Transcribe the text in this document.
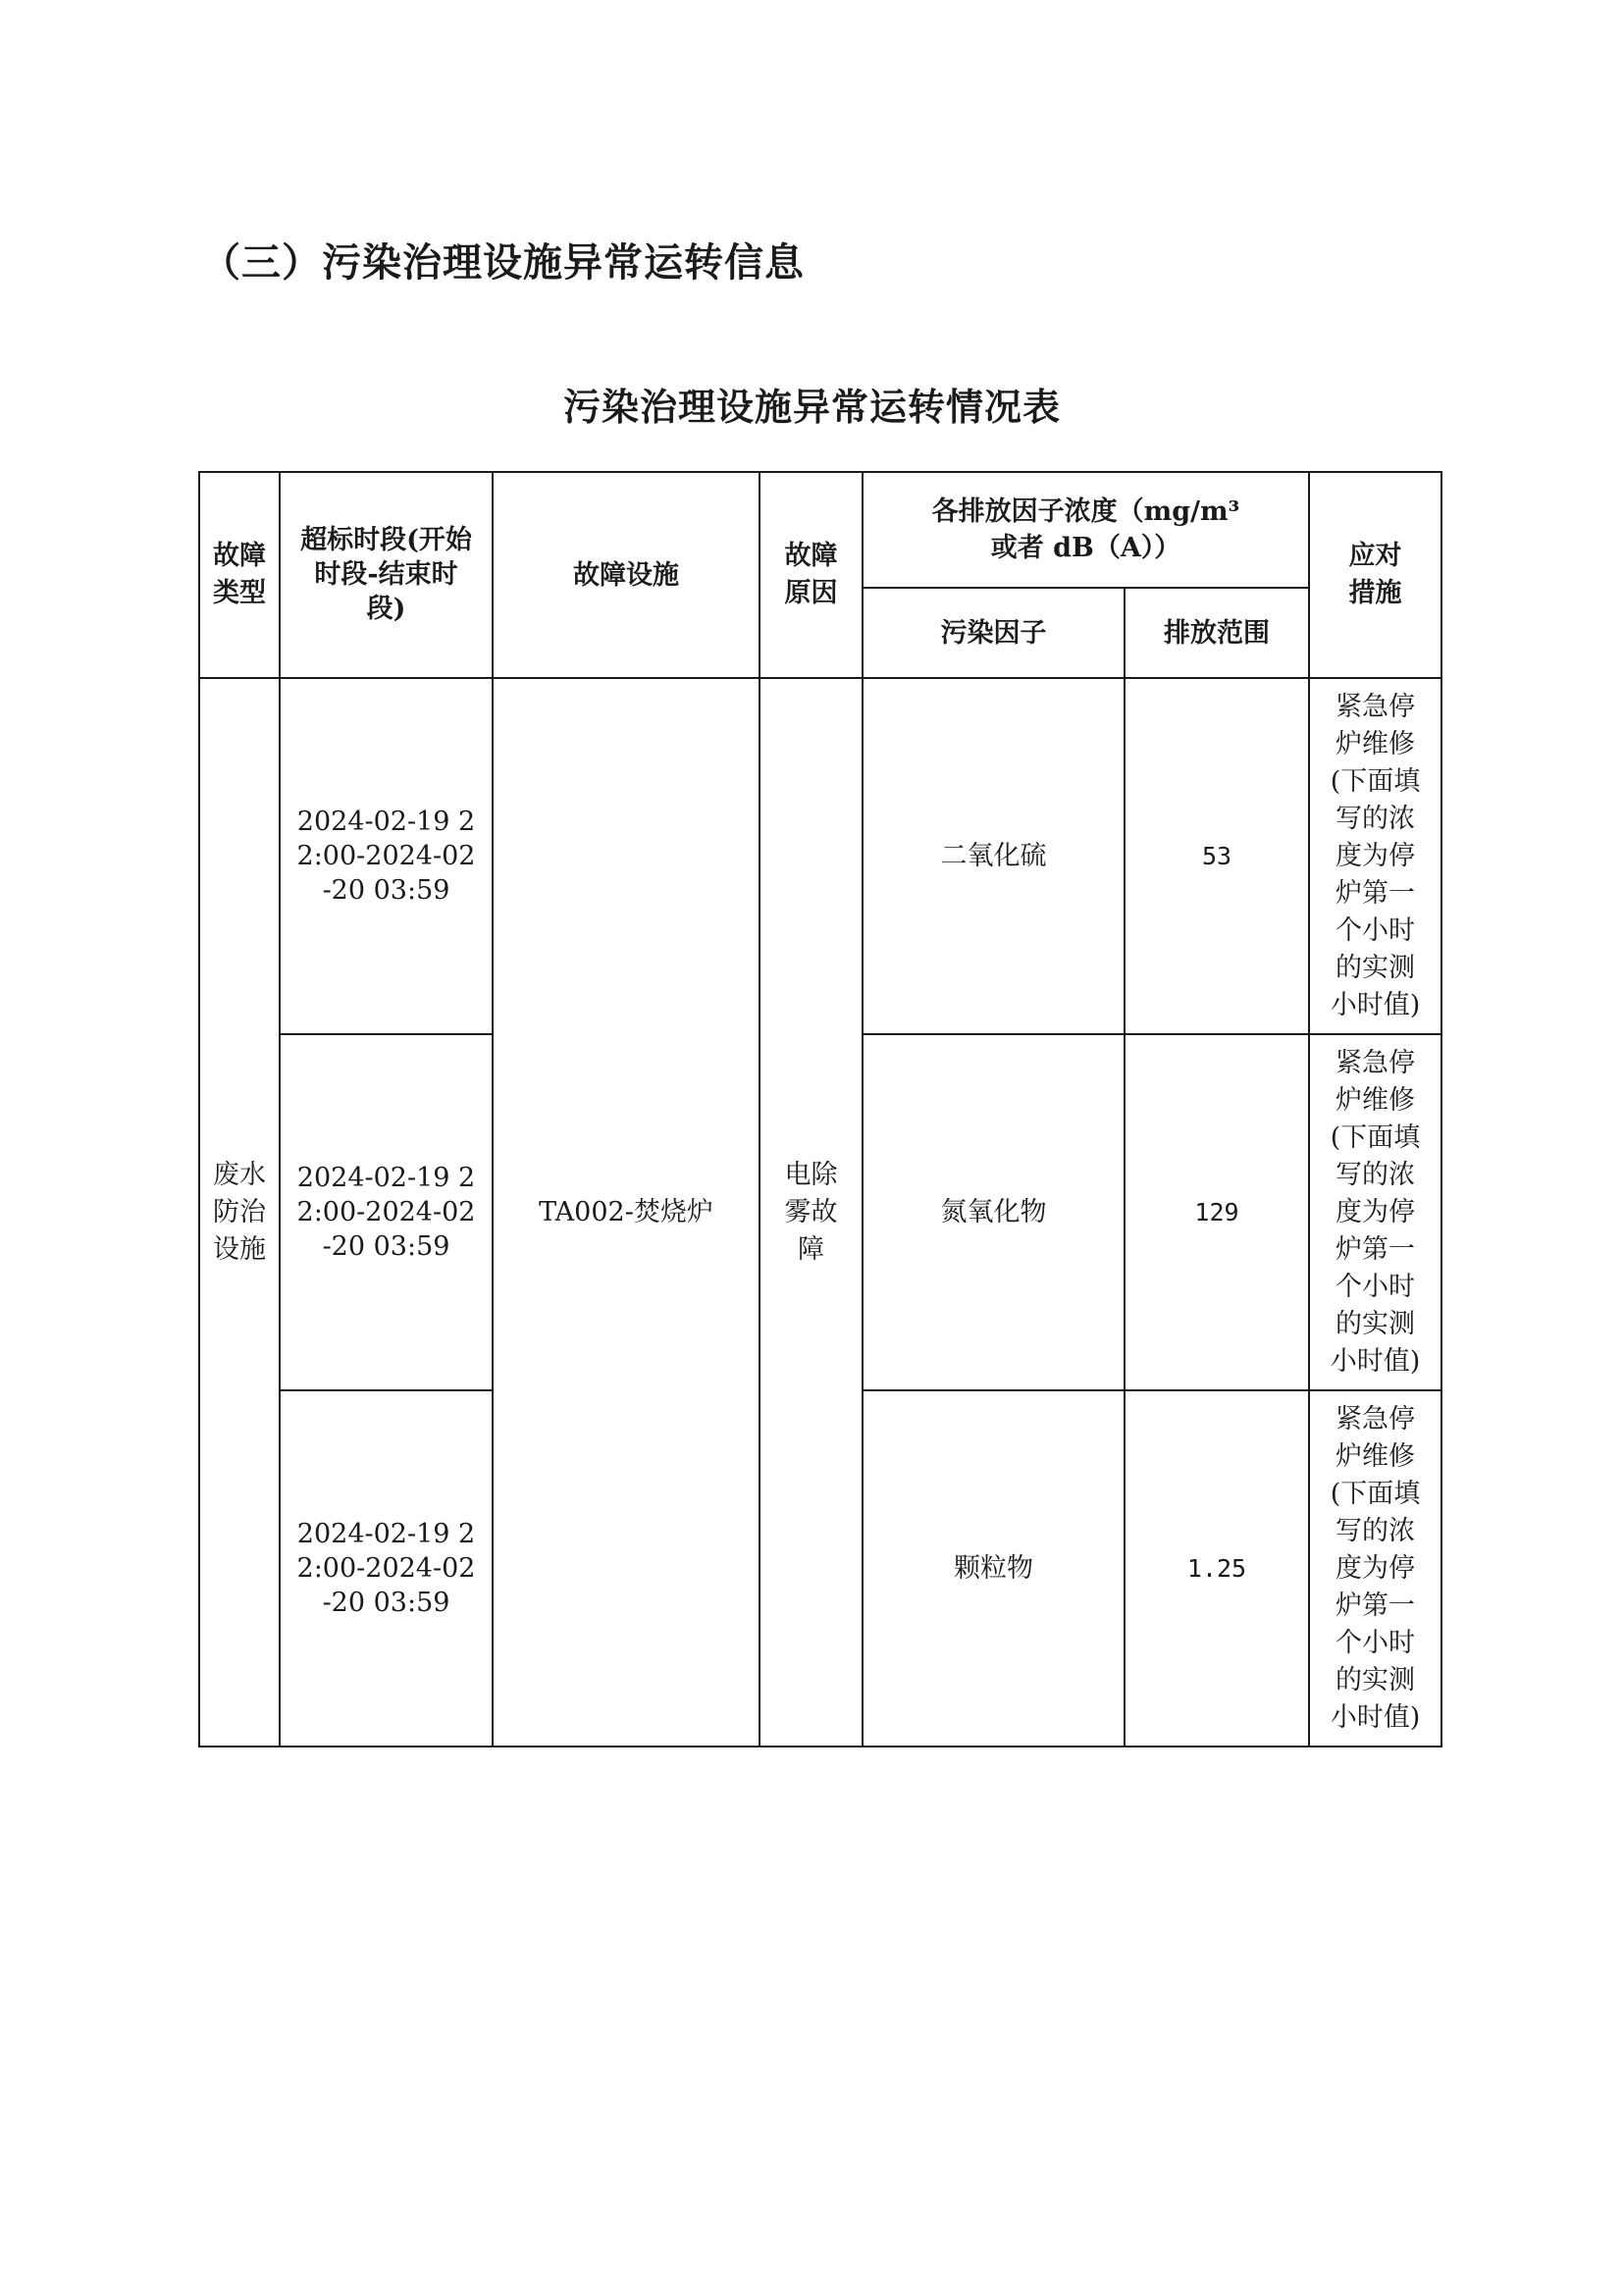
（三）污染治理设施异常运转信息
污染治理设施异常运转情况表
故障类型	超标时段(开始时段-结束时段)	故障设施	故障原因	各排放因子浓度（mg/m³或者 dB（A））		应对措施
				污染因子	排放范围	
废水防治设施	2024-02-19 22:00-2024-02-20 03:59	TA002-焚烧炉	电除雾故障	二氧化硫	53	紧急停炉维修(下面填写的浓度为停炉第一个小时的实测小时值)
	2024-02-19 22:00-2024-02-20 03:59			氮氧化物	129	紧急停炉维修(下面填写的浓度为停炉第一个小时的实测小时值)
	2024-02-19 22:00-2024-02-20 03:59			颗粒物	1.25	紧急停炉维修(下面填写的浓度为停炉第一个小时的实测小时值)
